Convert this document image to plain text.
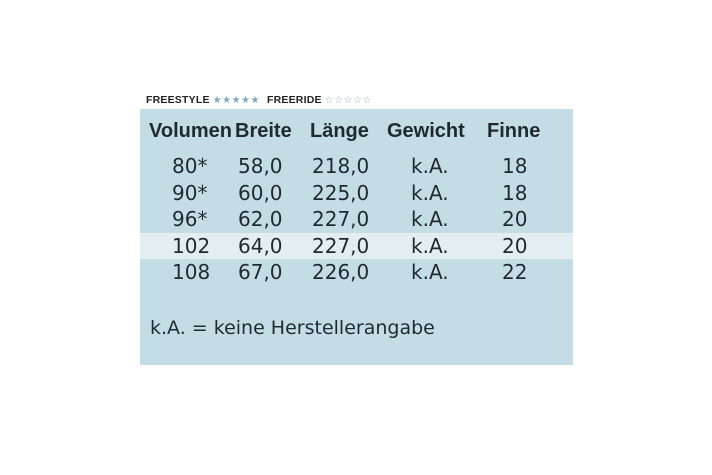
FREESTYLE ★★★★★ FREERIDE ☆☆☆☆☆
Volumen Breite Länge Gewicht Finne
80* 58,0 218,0 k.A.	18
90* 60,0 225,0 k.A.	18
96* 62,0 227,0 k.A.	20
102 64,0 227,0 k.A.	20
108 67,0 226,0 k.A.	22
k.A. = keine Herstellerangabe
